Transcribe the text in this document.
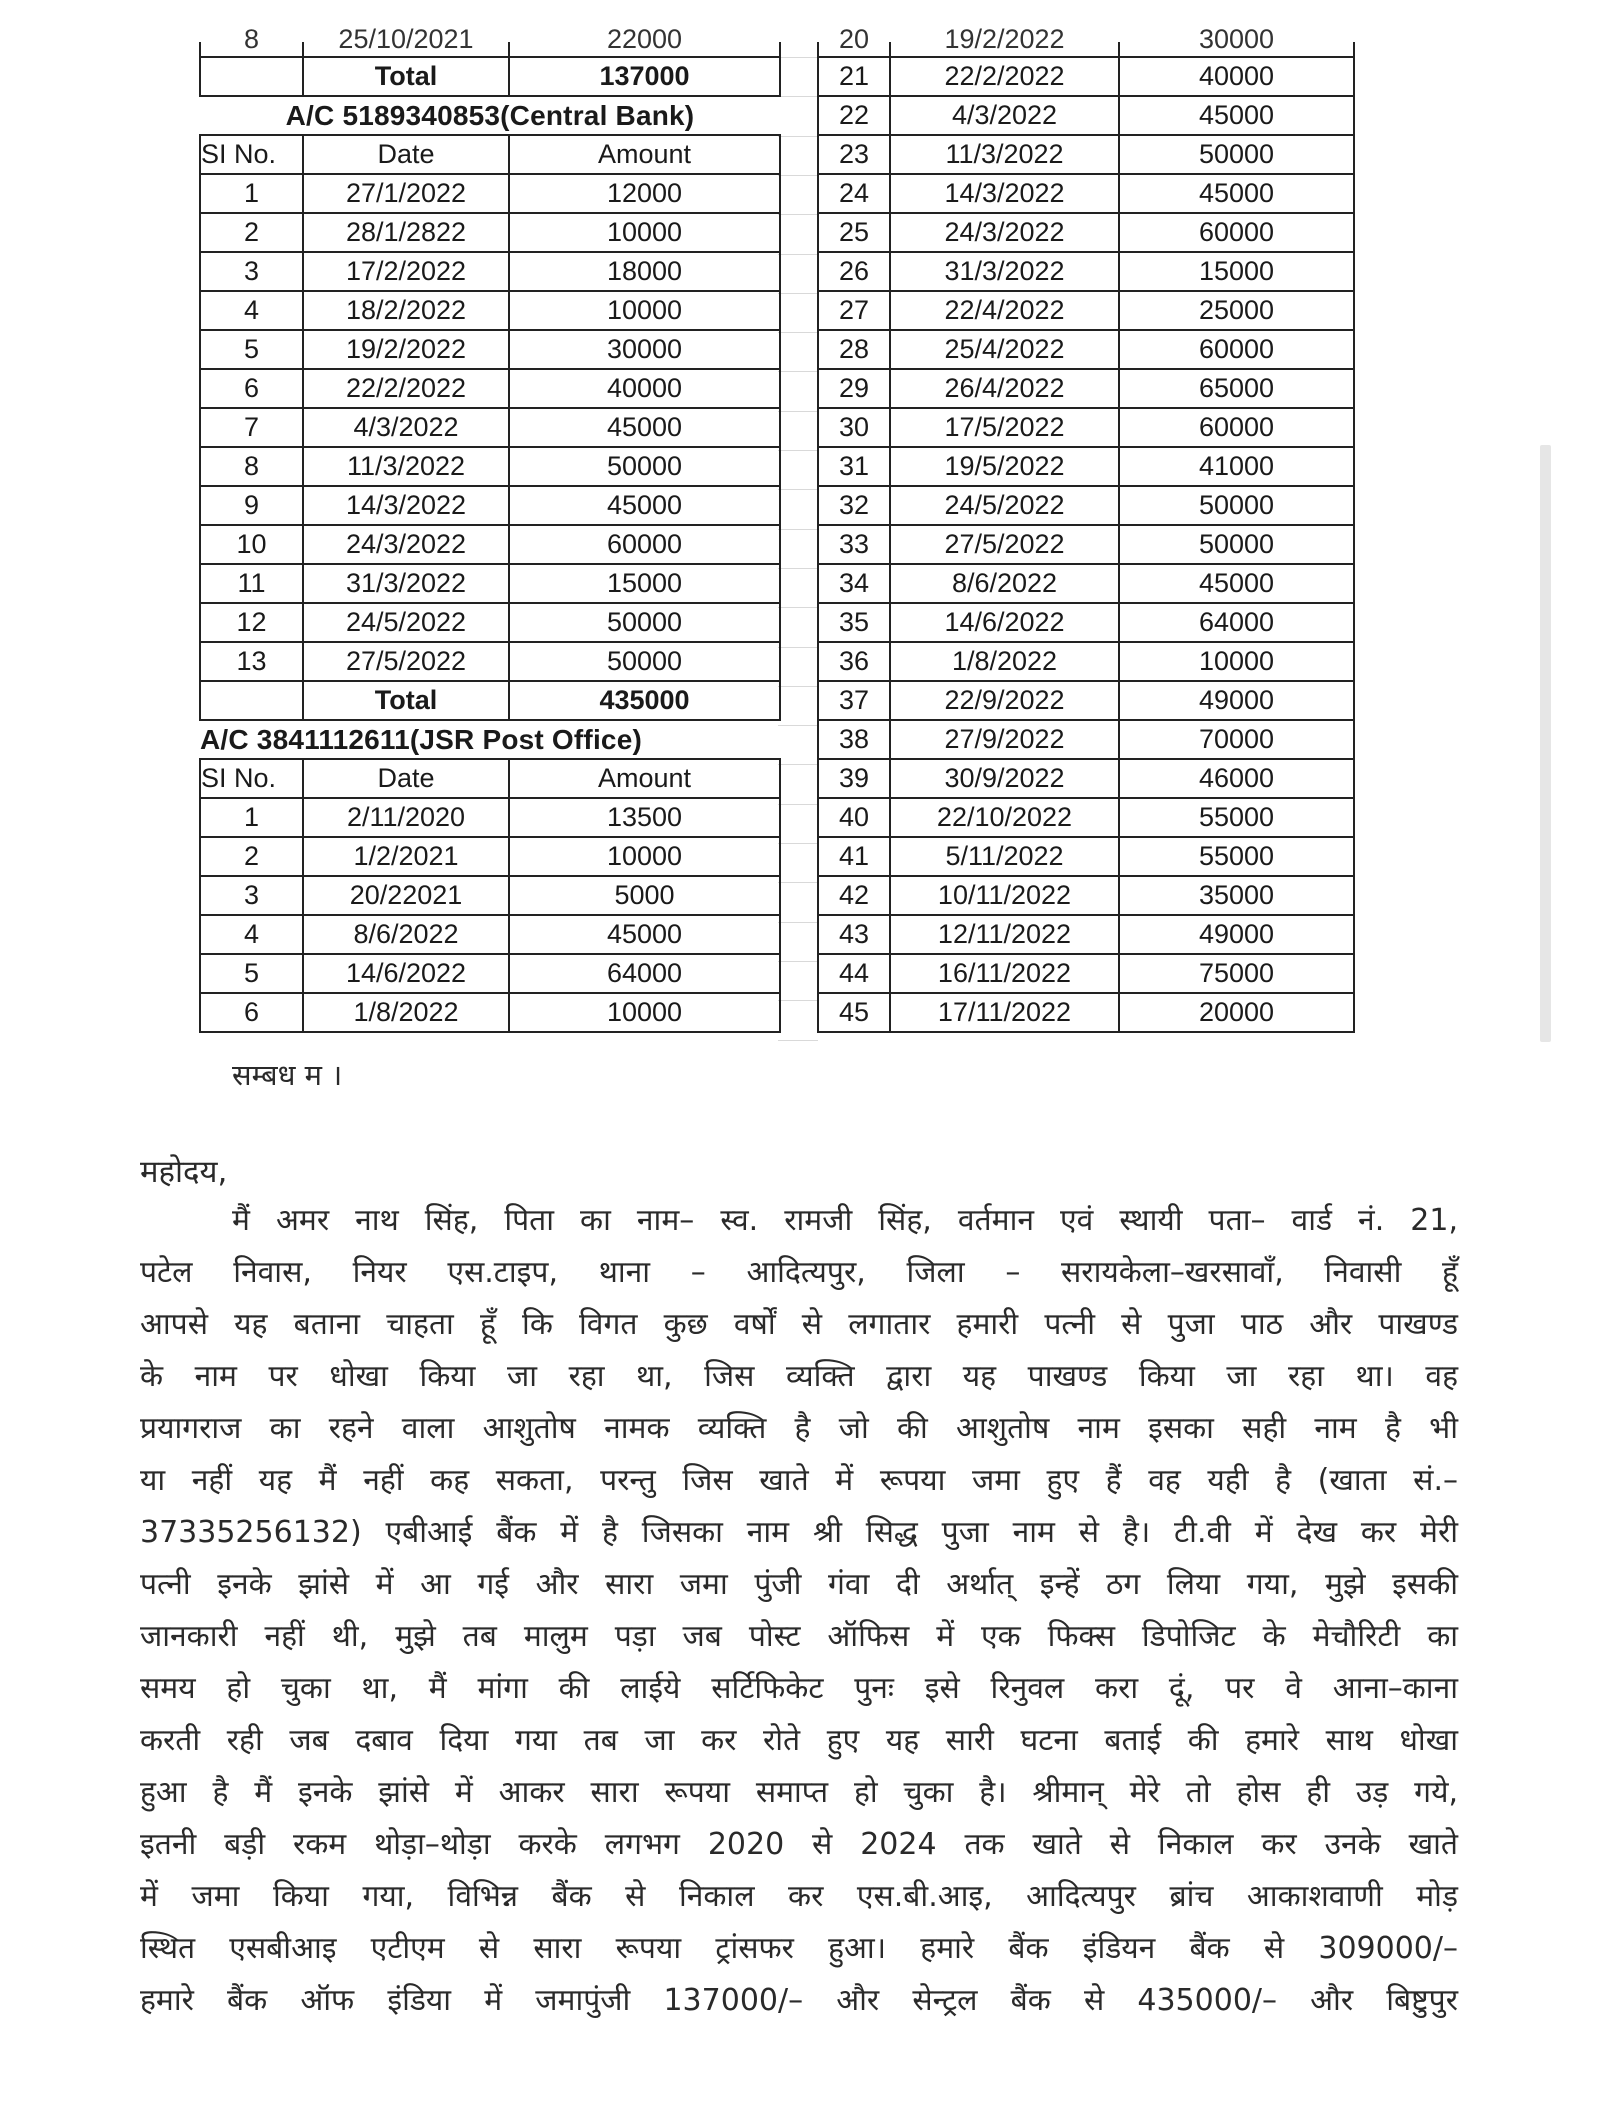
8	25/10/2021	22000
	Total	137000
A/C 5189340853(Central Bank)		
SI No.	Date	Amount
1	27/1/2022	12000
2	28/1/2822	10000
3	17/2/2022	18000
4	18/2/2022	10000
5	19/2/2022	30000
6	22/2/2022	40000
7	4/3/2022	45000
8	11/3/2022	50000
9	14/3/2022	45000
10	24/3/2022	60000
11	31/3/2022	15000
12	24/5/2022	50000
13	27/5/2022	50000
	Total	435000
A/C 3841112611(JSR Post Office)		
SI No.	Date	Amount
1	2/11/2020	13500
2	1/2/2021	10000
3	20/22021	5000
4	8/6/2022	45000
5	14/6/2022	64000
6	1/8/2022	10000
20	19/2/2022	30000
21	22/2/2022	40000
22	4/3/2022	45000
23	11/3/2022	50000
24	14/3/2022	45000
25	24/3/2022	60000
26	31/3/2022	15000
27	22/4/2022	25000
28	25/4/2022	60000
29	26/4/2022	65000
30	17/5/2022	60000
31	19/5/2022	41000
32	24/5/2022	50000
33	27/5/2022	50000
34	8/6/2022	45000
35	14/6/2022	64000
36	1/8/2022	10000
37	22/9/2022	49000
38	27/9/2022	70000
39	30/9/2022	46000
40	22/10/2022	55000
41	5/11/2022	55000
42	10/11/2022	35000
43	12/11/2022	49000
44	16/11/2022	75000
45	17/11/2022	20000
सम्बध म ।
महोदय,
मैं अमर नाथ सिंह, पिता का नाम– स्व. रामजी सिंह, वर्तमान एवं स्थायी पता– वार्ड नं. 21,
पटेल निवास, नियर एस.टाइप, थाना – आदित्यपुर, जिला – सरायकेला–खरसावाँ, निवासी हूँ
आपसे यह बताना चाहता हूँ कि विगत कुछ वर्षों से लगातार हमारी पत्नी से पुजा पाठ और पाखण्ड
के नाम पर धोखा किया जा रहा था, जिस व्यक्ति द्वारा यह पाखण्ड किया जा रहा था। वह
प्रयागराज का रहने वाला आशुतोष नामक व्यक्ति है जो की आशुतोष नाम इसका सही नाम है भी
या नहीं यह मैं नहीं कह सकता, परन्तु जिस खाते में रूपया जमा हुए हैं वह यही है (खाता सं.–
37335256132) एबीआई बैंक में है जिसका नाम श्री सिद्ध पुजा नाम से है। टी.वी में देख कर मेरी
पत्नी इनके झांसे में आ गई और सारा जमा पुंजी गंवा दी अर्थात् इन्हें ठग लिया गया, मुझे इसकी
जानकारी नहीं थी, मुझे तब मालुम पड़ा जब पोस्ट ऑफिस में एक फिक्स डिपोजिट के मेचौरिटी का
समय हो चुका था, मैं मांगा की लाईये सर्टिफिकेट पुनः इसे रिनुवल करा दूं, पर वे आना–काना
करती रही जब दबाव दिया गया तब जा कर रोते हुए यह सारी घटना बताई की हमारे साथ धोखा
हुआ है मैं इनके झांसे में आकर सारा रूपया समाप्त हो चुका है। श्रीमान् मेरे तो होस ही उड़ गये,
इतनी बड़ी रकम थोड़ा–थोड़ा करके लगभग 2020 से 2024 तक खाते से निकाल कर उनके खाते
में जमा किया गया, विभिन्न बैंक से निकाल कर एस.बी.आइ, आदित्यपुर ब्रांच आकाशवाणी मोड़
स्थित एसबीआइ एटीएम से सारा रूपया ट्रांसफर हुआ। हमारे बैंक इंडियन बैंक से 309000/–
हमारे बैंक ऑफ इंडिया में जमापुंजी 137000/– और सेन्ट्रल बैंक से 435000/– और बिष्टुपुर
